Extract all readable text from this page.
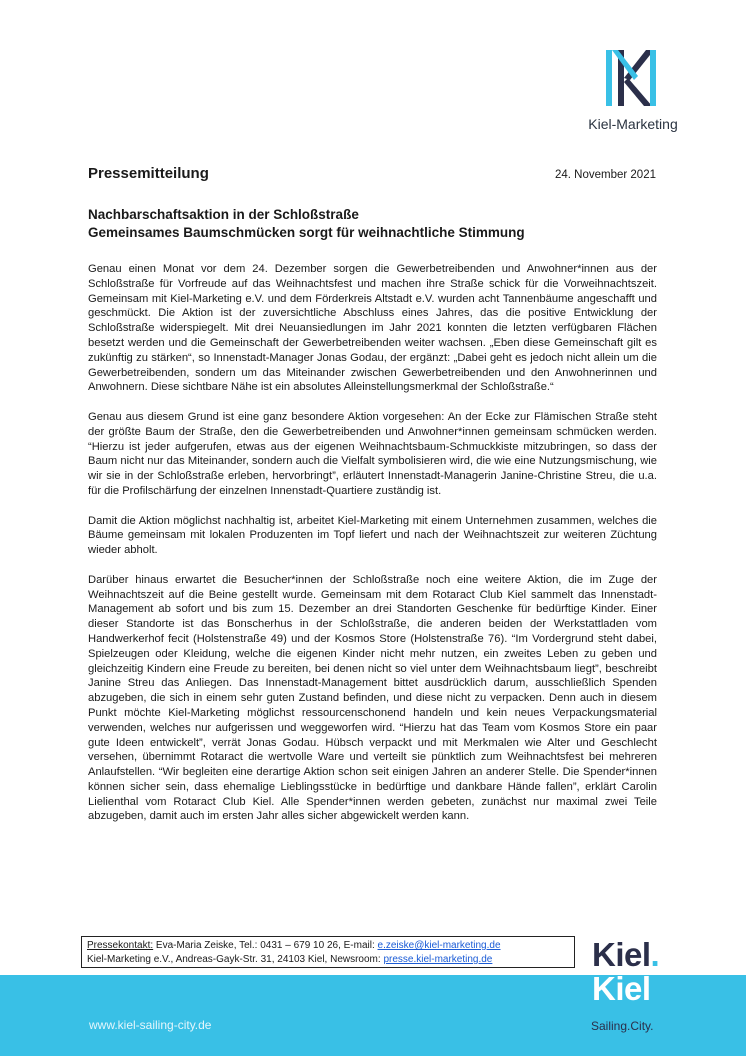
Kiel-Marketing
Pressemitteilung	24. November 2021
Nachbarschaftsaktion in der Schloßstraße
Gemeinsames Baumschmücken sorgt für weihnachtliche Stimmung

Genau einen Monat vor dem 24. Dezember sorgen die Gewerbetreibenden und Anwohner*innen aus der Schloßstraße für Vorfreude auf das Weihnachtsfest und machen ihre Straße schick für die Vorweihnachtszeit. Gemeinsam mit Kiel-Marketing e.V. und dem Förderkreis Altstadt e.V. wurden acht Tannenbäume angeschafft und geschmückt. Die Aktion ist der zuversichtliche Abschluss eines Jahres, das die positive Entwicklung der Schloßstraße widerspiegelt. Mit drei Neuansiedlungen im Jahr 2021 konnten die letzten verfügbaren Flächen besetzt werden und die Gemeinschaft der Gewerbetreibenden weiter wachsen. „Eben diese Gemeinschaft gilt es zukünftig zu stärken“, so Innenstadt-Manager Jonas Godau, der ergänzt: „Dabei geht es jedoch nicht allein um die Gewerbetreibenden, sondern um das Miteinander zwischen Gewerbetreibenden und den Anwohnerinnen und Anwohnern. Diese sichtbare Nähe ist ein absolutes Alleinstellungsmerkmal der Schloßstraße.“

Genau aus diesem Grund ist eine ganz besondere Aktion vorgesehen: An der Ecke zur Flämischen Straße steht der größte Baum der Straße, den die Gewerbetreibenden und Anwohner*innen gemeinsam schmücken werden. “Hierzu ist jeder aufgerufen, etwas aus der eigenen Weihnachtsbaum-Schmuckkiste mitzubringen, so dass der Baum nicht nur das Miteinander, sondern auch die Vielfalt symbolisieren wird, die wie eine Nutzungsmischung, wie wir sie in der Schloßstraße erleben, hervorbringt”, erläutert Innenstadt-Managerin Janine-Christine Streu, die u.a. für die Profilschärfung der einzelnen Innenstadt-Quartiere zuständig ist.

Damit die Aktion möglichst nachhaltig ist, arbeitet Kiel-Marketing mit einem Unternehmen zusammen, welches die Bäume gemeinsam mit lokalen Produzenten im Topf liefert und nach der Weihnachtszeit zur weiteren Züchtung wieder abholt.

Darüber hinaus erwartet die Besucher*innen der Schloßstraße noch eine weitere Aktion, die im Zuge der Weihnachtszeit auf die Beine gestellt wurde. Gemeinsam mit dem Rotaract Club Kiel sammelt das Innenstadt-Management ab sofort und bis zum 15. Dezember an drei Standorten Geschenke für bedürftige Kinder. Einer dieser Standorte ist das Bonscherhus in der Schloßstraße, die anderen beiden der Werkstattladen vom Handwerkerhof fecit (Holstenstraße 49) und der Kosmos Store (Holstenstraße 76). “Im Vordergrund steht dabei, Spielzeugen oder Kleidung, welche die eigenen Kinder nicht mehr nutzen, ein zweites Leben zu geben und gleichzeitig Kindern eine Freude zu bereiten, bei denen nicht so viel unter dem Weihnachtsbaum liegt”, beschreibt Janine Streu das Anliegen. Das Innenstadt-Management bittet ausdrücklich darum, ausschließlich Spenden abzugeben, die sich in einem sehr guten Zustand befinden, und diese nicht zu verpacken. Denn auch in diesem Punkt möchte Kiel-Marketing möglichst ressourcenschonend handeln und kein neues Verpackungsmaterial verwenden, welches nur aufgerissen und weggeworfen wird. “Hierzu hat das Team vom Kosmos Store ein paar gute Ideen entwickelt”, verrät Jonas Godau. Hübsch verpackt und mit Merkmalen wie Alter und Geschlecht versehen, übernimmt Rotaract die wertvolle Ware und verteilt sie pünktlich zum Weihnachtsfest bei mehreren Anlaufstellen. “Wir begleiten eine derartige Aktion schon seit einigen Jahren an anderer Stelle. Die Spender*innen können sicher sein, dass ehemalige Lieblingsstücke in bedürftige und dankbare Hände fallen”, erklärt Carolin Lielienthal vom Rotaract Club Kiel. Alle Spender*innen werden gebeten, zunächst nur maximal zwei Teile abzugeben, damit auch im ersten Jahr alles sicher abgewickelt werden kann.

Pressekontakt: Eva-Maria Zeiske, Tel.: 0431 – 679 10 26, E-mail: e.zeiske@kiel-marketing.de
Kiel-Marketing e.V., Andreas-Gayk-Str. 31, 24103 Kiel, Newsroom: presse.kiel-marketing.de	Kiel.
Kiel
www.kiel-sailing-city.de	Sailing.City.
